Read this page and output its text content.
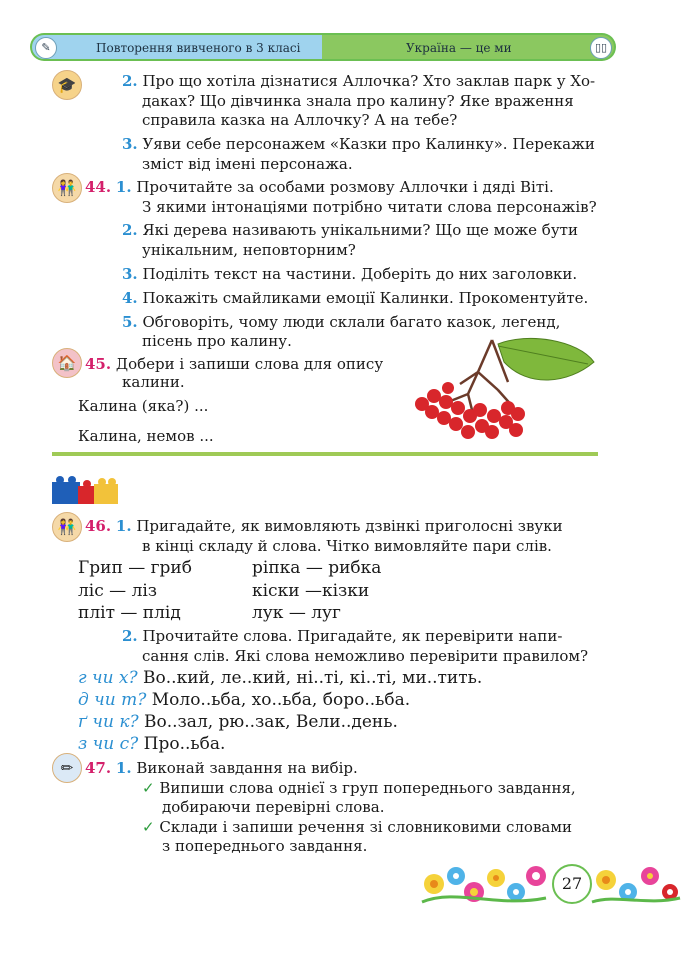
✎	Повторення вивченого в 3 класі	Україна — це ми	▯▯
🎓	2. Про що хотіла дізнатися Аллочка? Хто заклав парк у Хо-
даках? Що дівчинка знала про калину? Яке враження
справила казка на Аллочку? А на тебе?
3. Уяви себе персонажем «Казки про Калинку». Перекажи
зміст від імені персонажа.
👫 44. 1. Прочитайте за особами розмову Аллочки і дяді Віті.
З якими інтонаціями потрібно читати слова персонажів?
2. Які дерева називають унікальними? Що ще може бути
унікальним, неповторним?
3. Поділіть текст на частини. Доберіть до них заголовки.
4. Покажіть смайликами емоції Калинки. Прокоментуйте.
5. Обговоріть, чому люди склали багато казок, легенд,
пісень про калину.
🏠 45. Добери і запиши слова для опису
калини.
Калина (яка?) ...
Калина, немов ...
👫 46. 1. Пригадайте, як вимовляють дзвінкі приголосні звуки
в кінці складу й слова. Чітко вимовляйте пари слів.
Грип — гриб	ріпка — рибка
ліс — ліз	кіски —кізки
пліт — плід	лук — луг
2. Прочитайте слова. Пригадайте, як перевірити напи-
сання слів. Які слова неможливо перевірити правилом?
г чи х? Во..кий, ле..кий, ні..ті, кі..ті, ми..тить.
д чи т? Моло..ьба, хо..ьба, боро..ьба.
ґ чи к? Во..зал, рю..зак, Вели..день.
з чи с? Про..ьба.
✏ 47. 1. Виконай завдання на вибір.
✓ Випиши слова однієї з груп попереднього завдання,
добираючи перевірні слова.
✓ Склади і запиши речення зі словниковими словами
з попереднього завдання.
27
